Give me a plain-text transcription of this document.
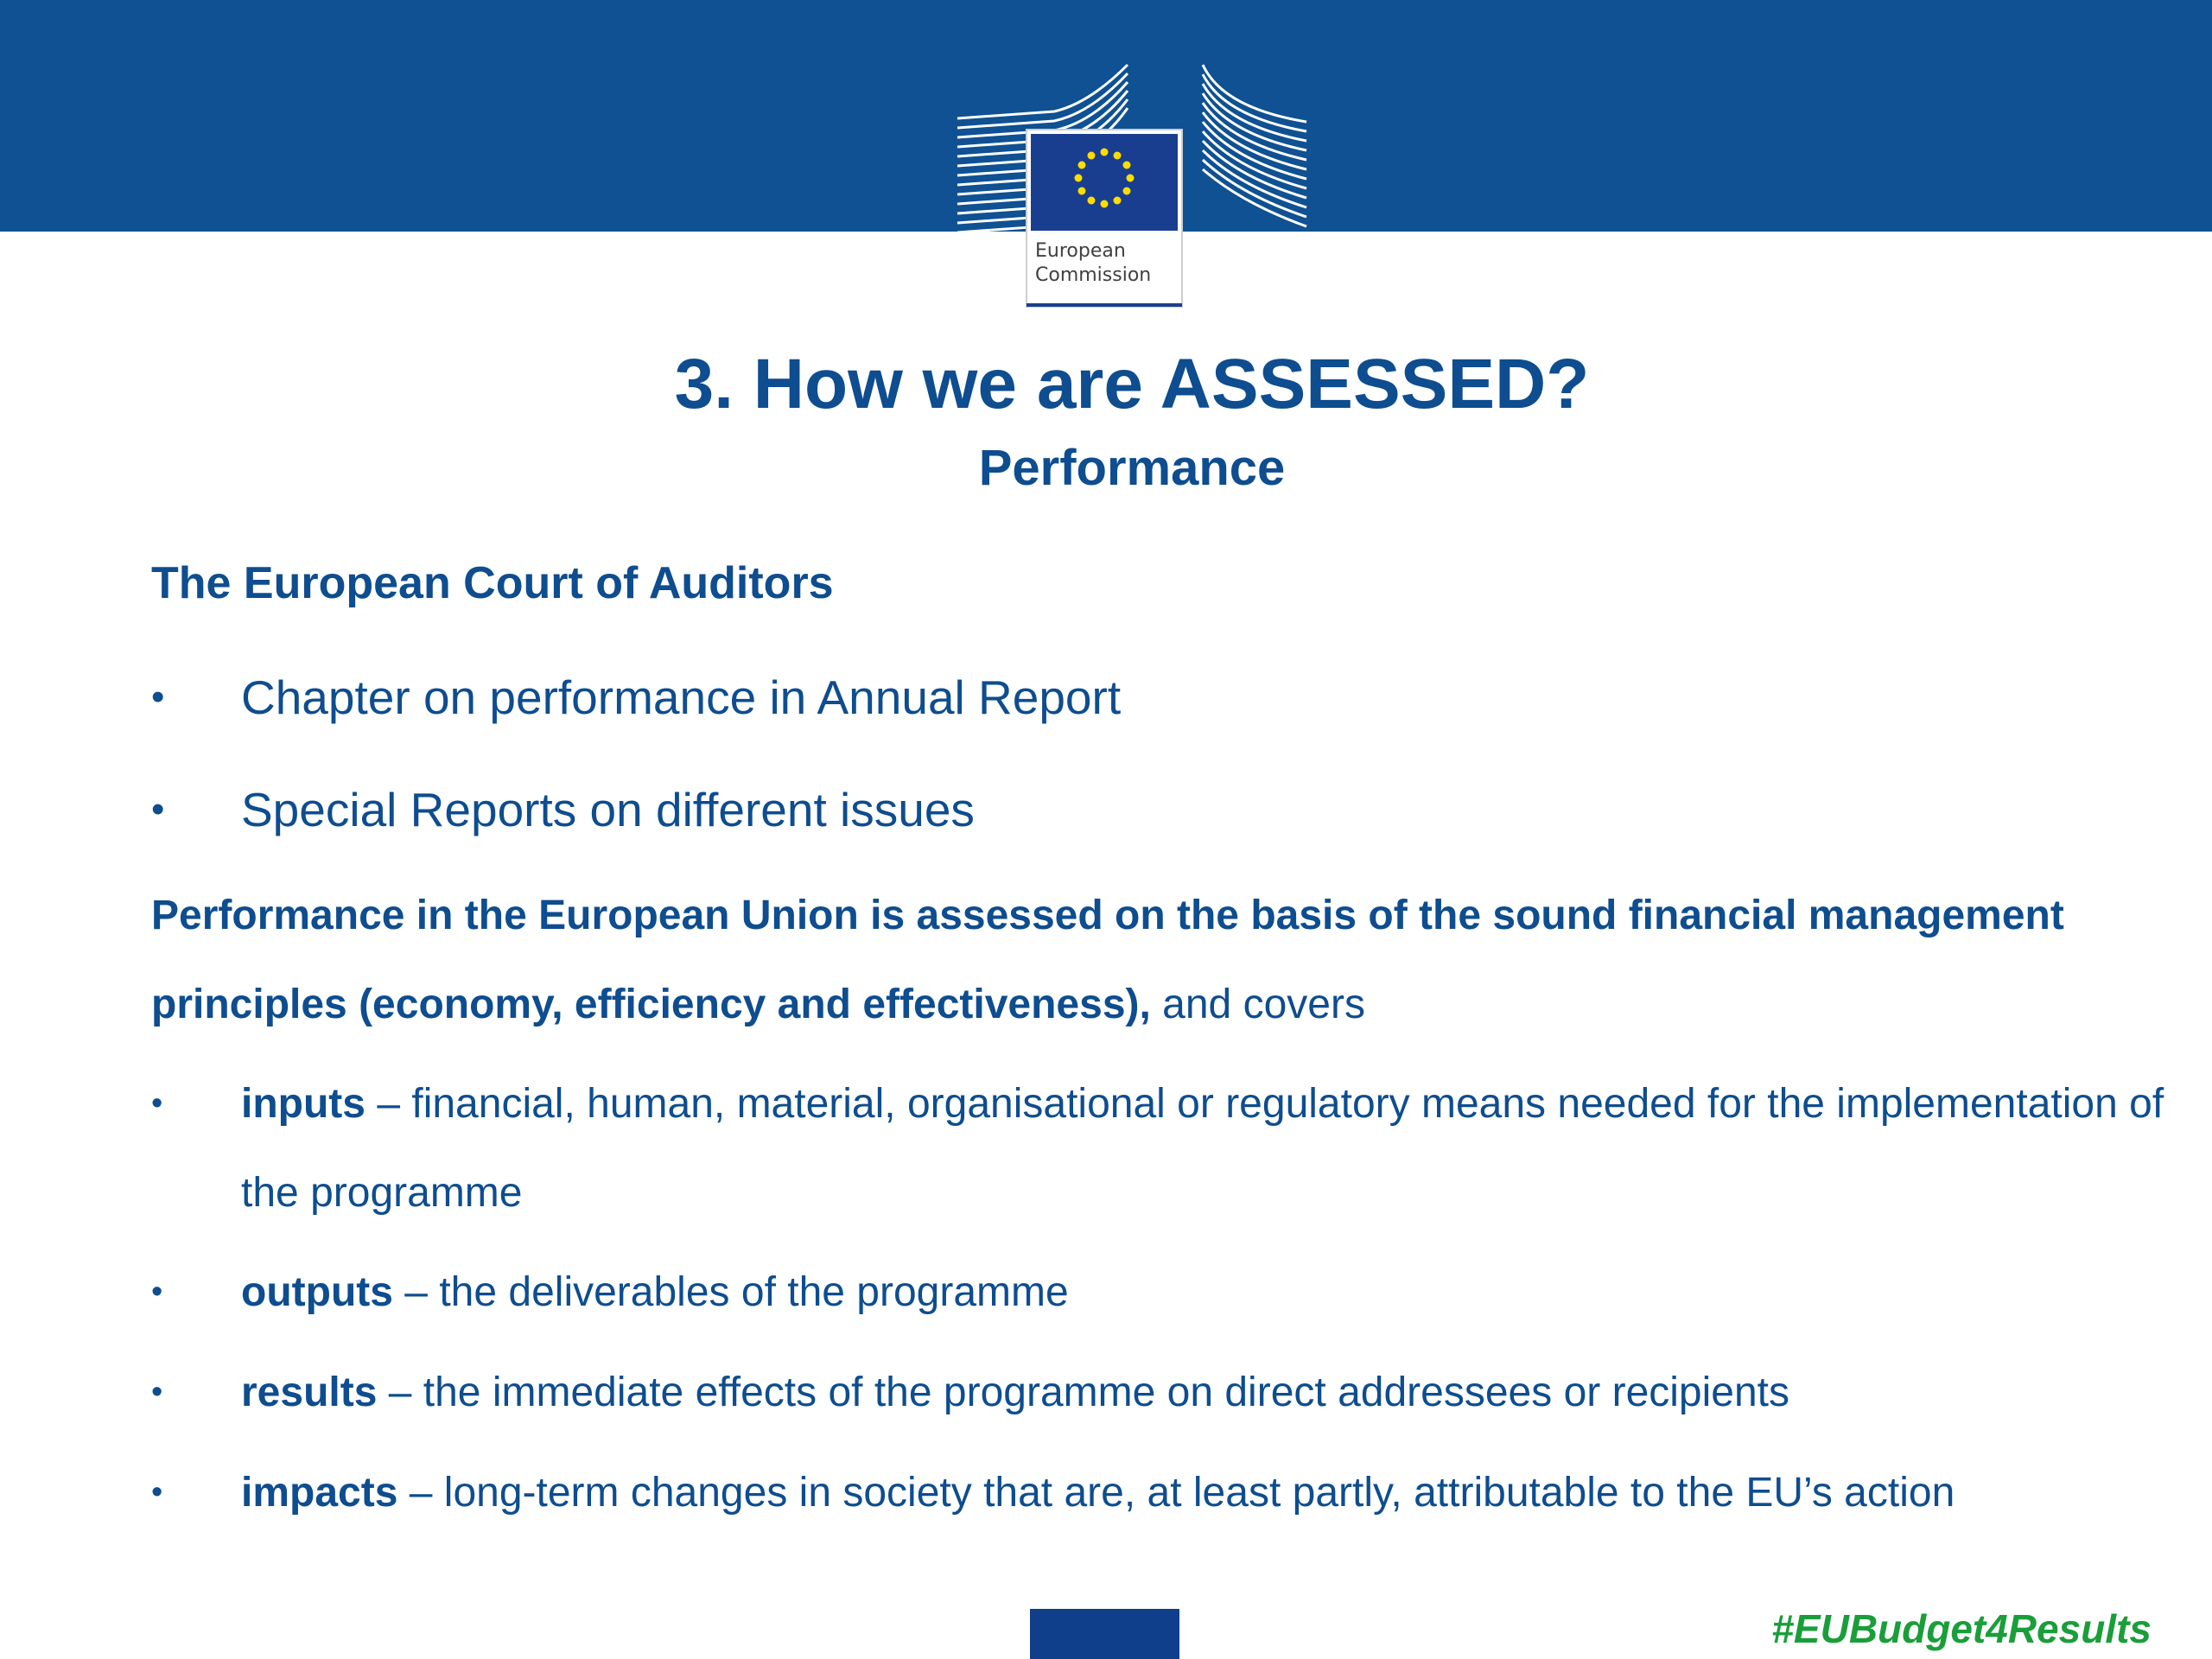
European
Commission
3. How we are ASSESSED?
Performance
The European Court of Auditors
• Chapter on performance in Annual Report
• Special Reports on different issues
Performance in the European Union is assessed on the basis of the sound financial management principles (economy, efficiency and effectiveness), and covers
• inputs – financial, human, material, organisational or regulatory means needed for the implementation of the programme
• outputs – the deliverables of the programme
• results – the immediate effects of the programme on direct addressees or recipients
• impacts – long-term changes in society that are, at least partly, attributable to the EU’s action
#EUBudget4Results
